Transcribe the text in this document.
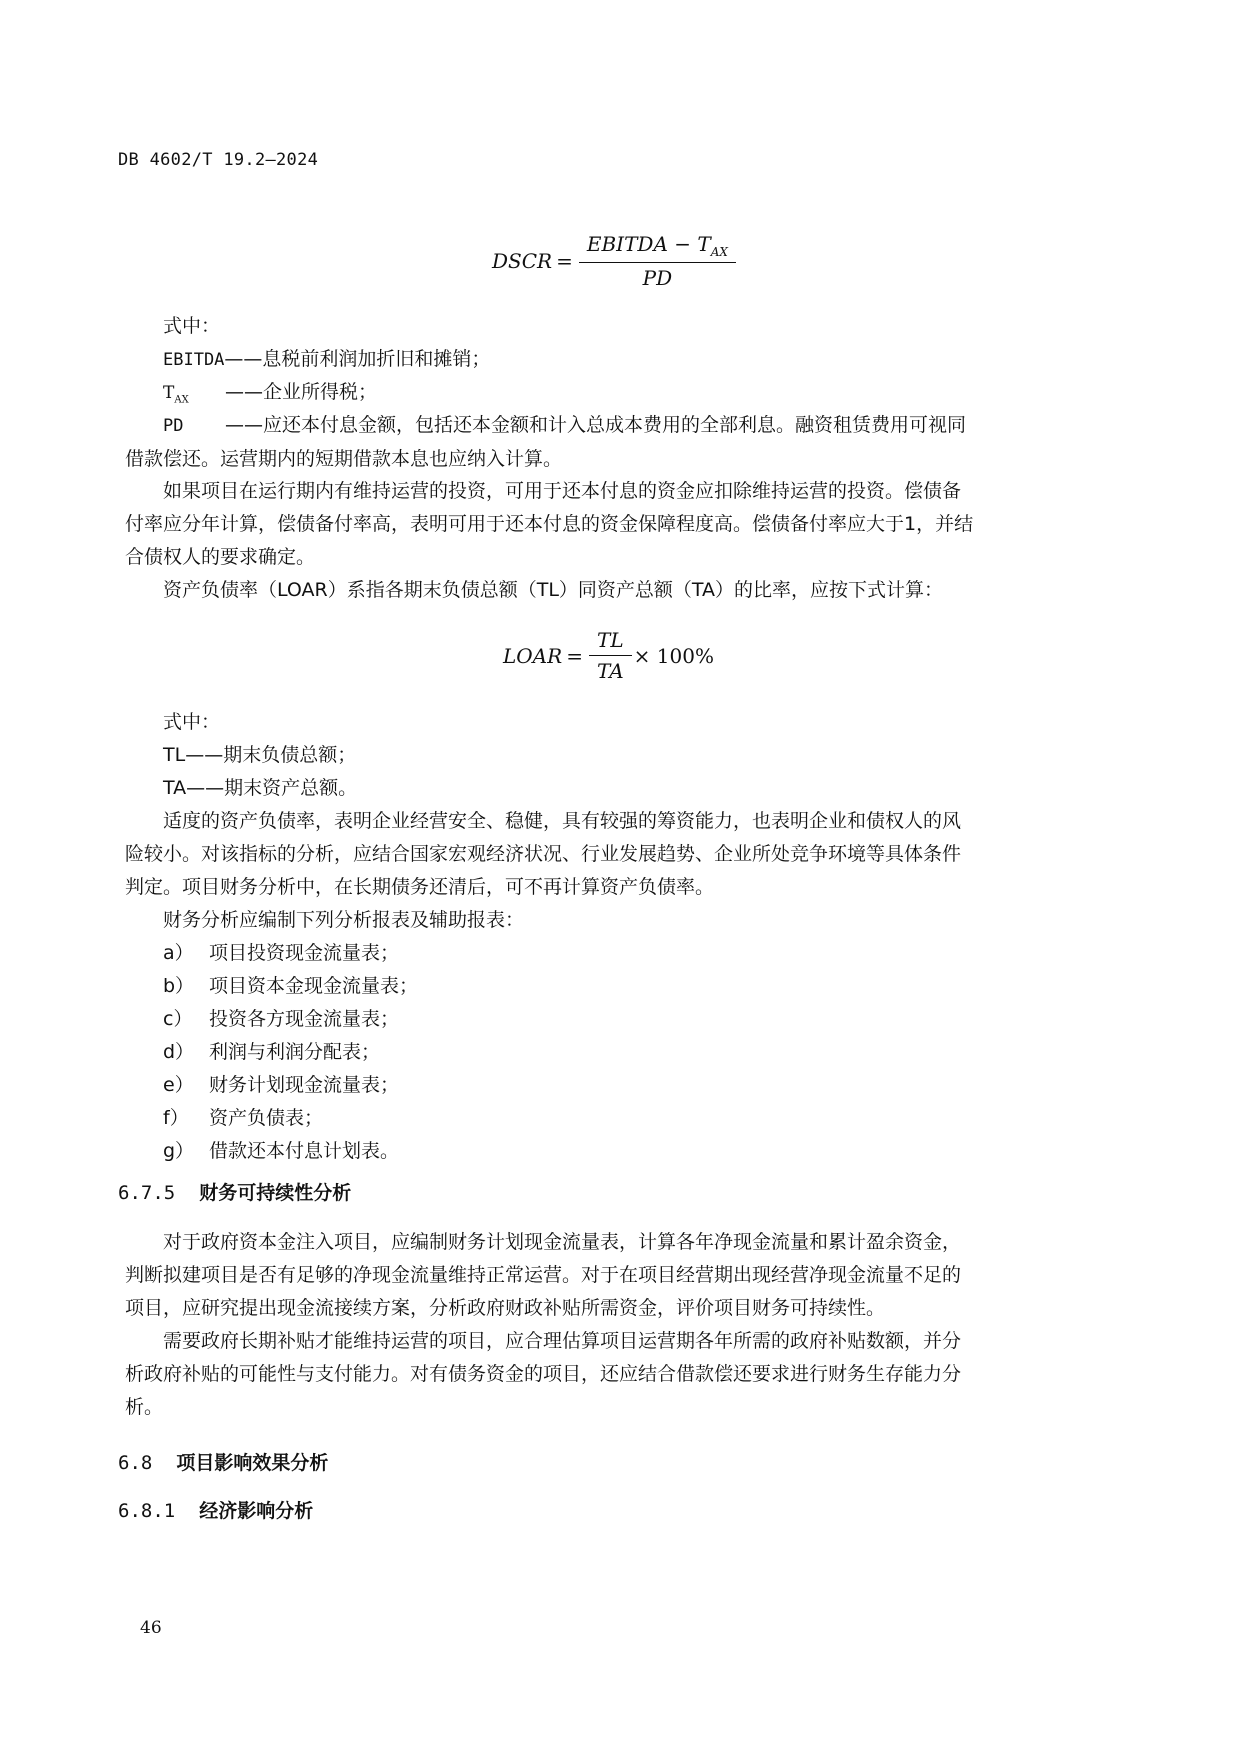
DB 4602/T 19.2—2024
DSCR = $\frac{EBITDA - T_{AX}}{PD}$
式中：
EBITDA——息税前利润加折旧和摊销；
$T_{AX}$ ——企业所得税；
PD ——应还本付息金额，包括还本金额和计入总成本费用的全部利息。融资租赁费用可视同
借款偿还。运营期内的短期借款本息也应纳入计算。
如果项目在运行期内有维持运营的投资，可用于还本付息的资金应扣除维持运营的投资。偿债备
付率应分年计算，偿债备付率高，表明可用于还本付息的资金保障程度高。偿债备付率应大于1，并结
合债权人的要求确定。
资产负债率（LOAR）系指各期末负债总额（TL）同资产总额（TA）的比率，应按下式计算：
LOAR = $\frac{TL}{TA} \times 100\%$
式中：
TL——期末负债总额；
TA——期末资产总额。
适度的资产负债率，表明企业经营安全、稳健，具有较强的筹资能力，也表明企业和债权人的风
险较小。对该指标的分析，应结合国家宏观经济状况、行业发展趋势、企业所处竞争环境等具体条件
判定。项目财务分析中，在长期债务还清后，可不再计算资产负债率。
财务分析应编制下列分析报表及辅助报表：
a） 项目投资现金流量表；
b） 项目资本金现金流量表；
c） 投资各方现金流量表；
d） 利润与利润分配表；
e） 财务计划现金流量表；
f） 资产负债表；
g） 借款还本付息计划表。
6.7.5 财务可持续性分析
对于政府资本金注入项目，应编制财务计划现金流量表，计算各年净现金流量和累计盈余资金，
判断拟建项目是否有足够的净现金流量维持正常运营。对于在项目经营期出现经营净现金流量不足的
项目，应研究提出现金流接续方案，分析政府财政补贴所需资金，评价项目财务可持续性。
需要政府长期补贴才能维持运营的项目，应合理估算项目运营期各年所需的政府补贴数额，并分
析政府补贴的可能性与支付能力。对有债务资金的项目，还应结合借款偿还要求进行财务生存能力分
析。
6.8 项目影响效果分析
6.8.1 经济影响分析
46
